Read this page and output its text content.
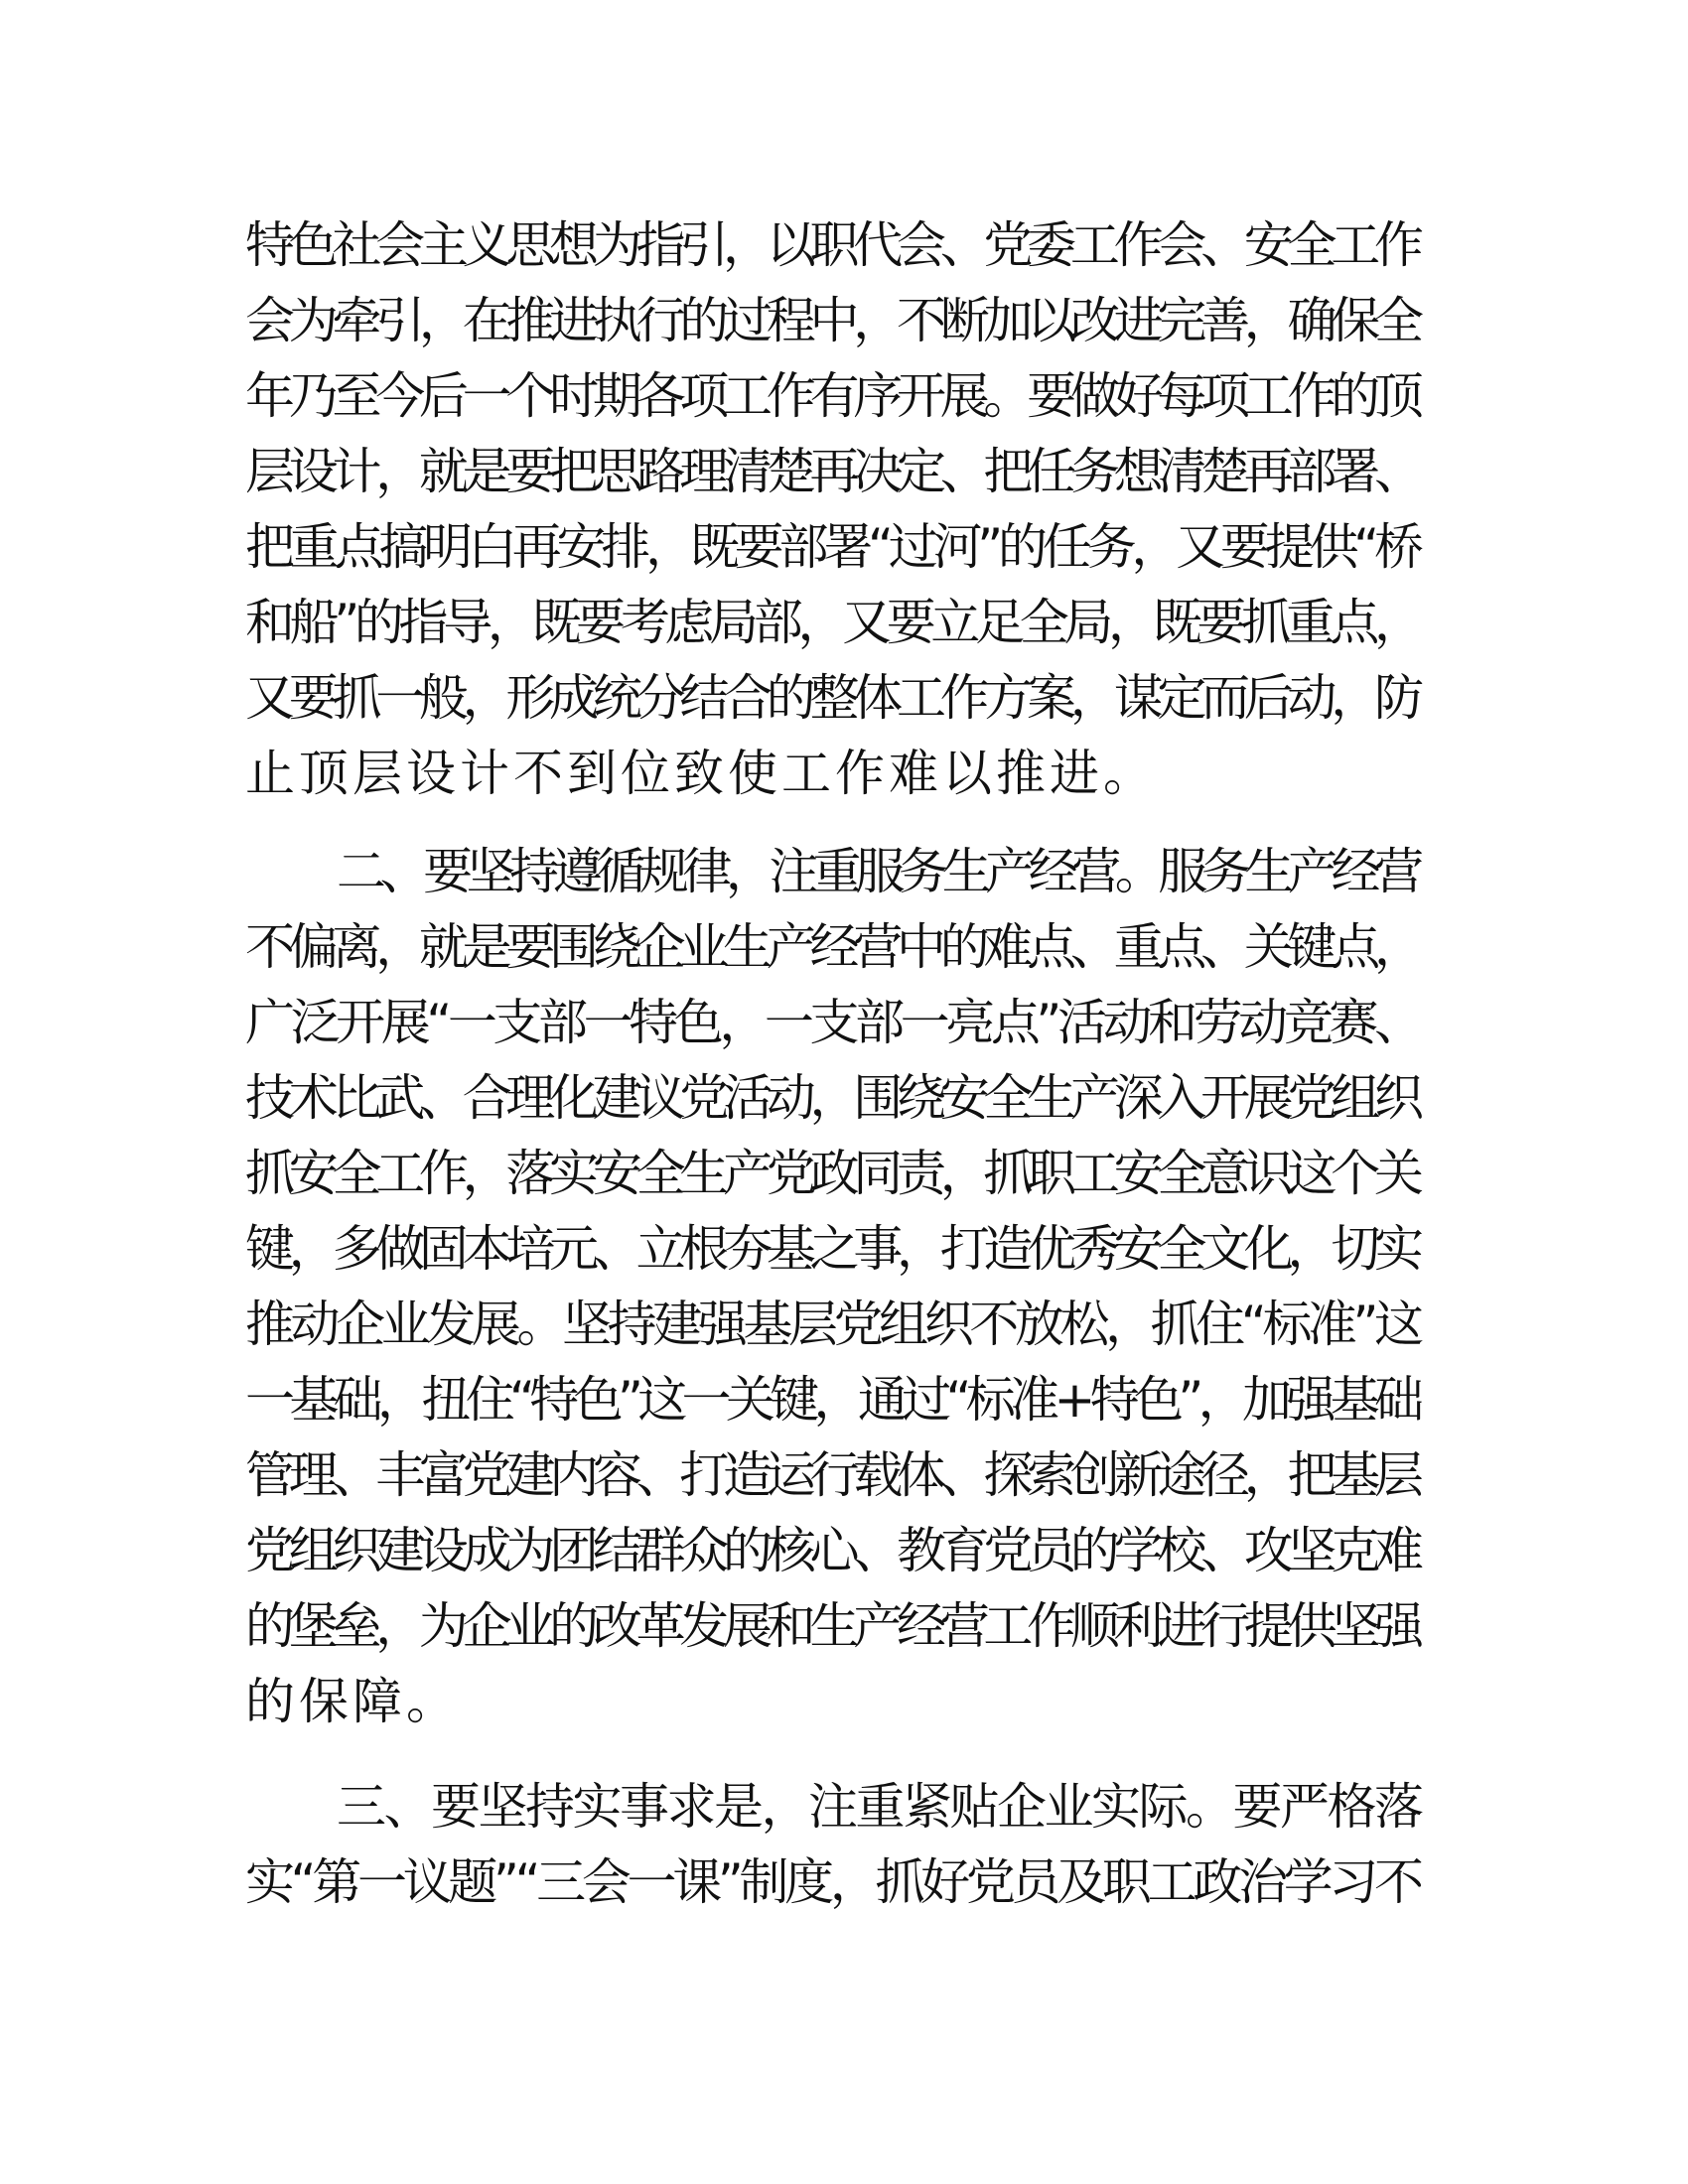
特色社会主义思想为指引，以职代会、党委工作会、安全工作
会为牵引，在推进执行的过程中，不断加以改进完善，确保全
年乃至今后一个时期各项工作有序开展。要做好每项工作的顶
层设计，就是要把思路理清楚再决定、把任务想清楚再部署、
把重点搞明白再安排，既要部署“过河”的任务，又要提供“桥
和船”的指导，既要考虑局部，又要立足全局，既要抓重点，
又要抓一般，形成统分结合的整体工作方案，谋定而后动，防
止顶层设计不到位致使工作难以推进。
二、要坚持遵循规律，注重服务生产经营。服务生产经营
不偏离，就是要围绕企业生产经营中的难点、重点、关键点，
广泛开展“一支部一特色，一支部一亮点”活动和劳动竞赛、
技术比武、合理化建议党活动，围绕安全生产深入开展党组织
抓安全工作，落实安全生产党政同责，抓职工安全意识这个关
键，多做固本培元、立根夯基之事，打造优秀安全文化，切实
推动企业发展。坚持建强基层党组织不放松，抓住“标准”这
一基础，扭住“特色”这一关键，通过“标准+特色”，加强基础
管理、丰富党建内容、打造运行载体、探索创新途径，把基层
党组织建设成为团结群众的核心、教育党员的学校、攻坚克难
的堡垒，为企业的改革发展和生产经营工作顺利进行提供坚强
的保障。
三、要坚持实事求是，注重紧贴企业实际。要严格落
实“第一议题”“三会一课”制度，抓好党员及职工政治学习不
